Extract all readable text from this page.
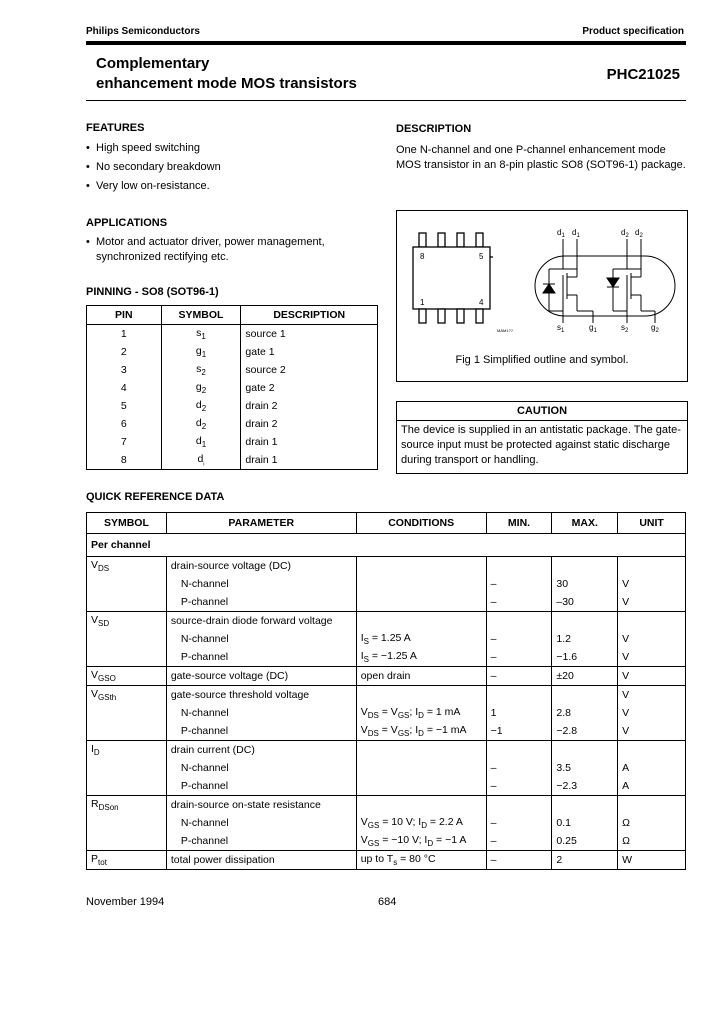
Philips Semiconductors	Product specification
Complementary
enhancement mode MOS transistors
PHC21025
FEATURES
• High speed switching
• No secondary breakdown
• Very low on-resistance.
APPLICATIONS
• Motor and actuator driver, power management, synchronized rectifying etc.
PINNING - SO8 (SOT96-1)
PIN	SYMBOL	DESCRIPTION
1	$s_1$	source 1
2	$g_1$	gate 1
3	$s_2$	source 2
4	$g_2$	gate 2
5	$d_2$	drain 2
6	$d_2$	drain 2
7	$d_1$	drain 1
8	$d_ᵢ$	drain 1
DESCRIPTION
One N-channel and one P-channel enhancement mode MOS transistor in an 8-pin plastic SO8 (SOT96-1) package.
8	5
1	4
MAM1??
$d_1$ $d_1$	$d_2$ $d_2$
$s_1$	$g_1$	$s_2$	$g_2$
Fig 1 Simplified outline and symbol.
CAUTION
The device is supplied in an antistatic package. The gate-source input must be protected against static discharge during transport or handling.
QUICK REFERENCE DATA
SYMBOL	PARAMETER	CONDITIONS	MIN.	MAX.	UNIT
Per channel					
$V_{DS}$	drain-source voltage (DC)				
	N-channel		–	30	V
	P-channel		–	–30	V
$V_{SD}$	source-drain diode forward voltage				
	N-channel	$I_S = 1.25$ A	–	1.2	V
	P-channel	$I_S = -1.25$ A	–	−1.6	V
$V_{GSO}$	gate-source voltage (DC)	open drain	–	±20	V
$V_{GSth}$	gate-source threshold voltage				V
	N-channel	$V_{DS} = V_{GS}$; $I_D = 1$ mA	1	2.8	V
	P-channel	$V_{DS} = V_{GS}$; $I_D = -1$ mA	−1	−2.8	V
$I_D$	drain current (DC)				
	N-channel		–	3.5	A
	P-channel		–	−2.3	A
$R_{DSon}$	drain-source on-state resistance				
	N-channel	$V_{GS} = 10$ V; $I_D = 2.2$ A	–	0.1	Ω
	P-channel	$V_{GS} = -10$ V; $I_D = -1$ A	–	0.25	Ω
$P_{tot}$	total power dissipation	up to $T_s = 80$ °C	–	2	W
November 1994	684
